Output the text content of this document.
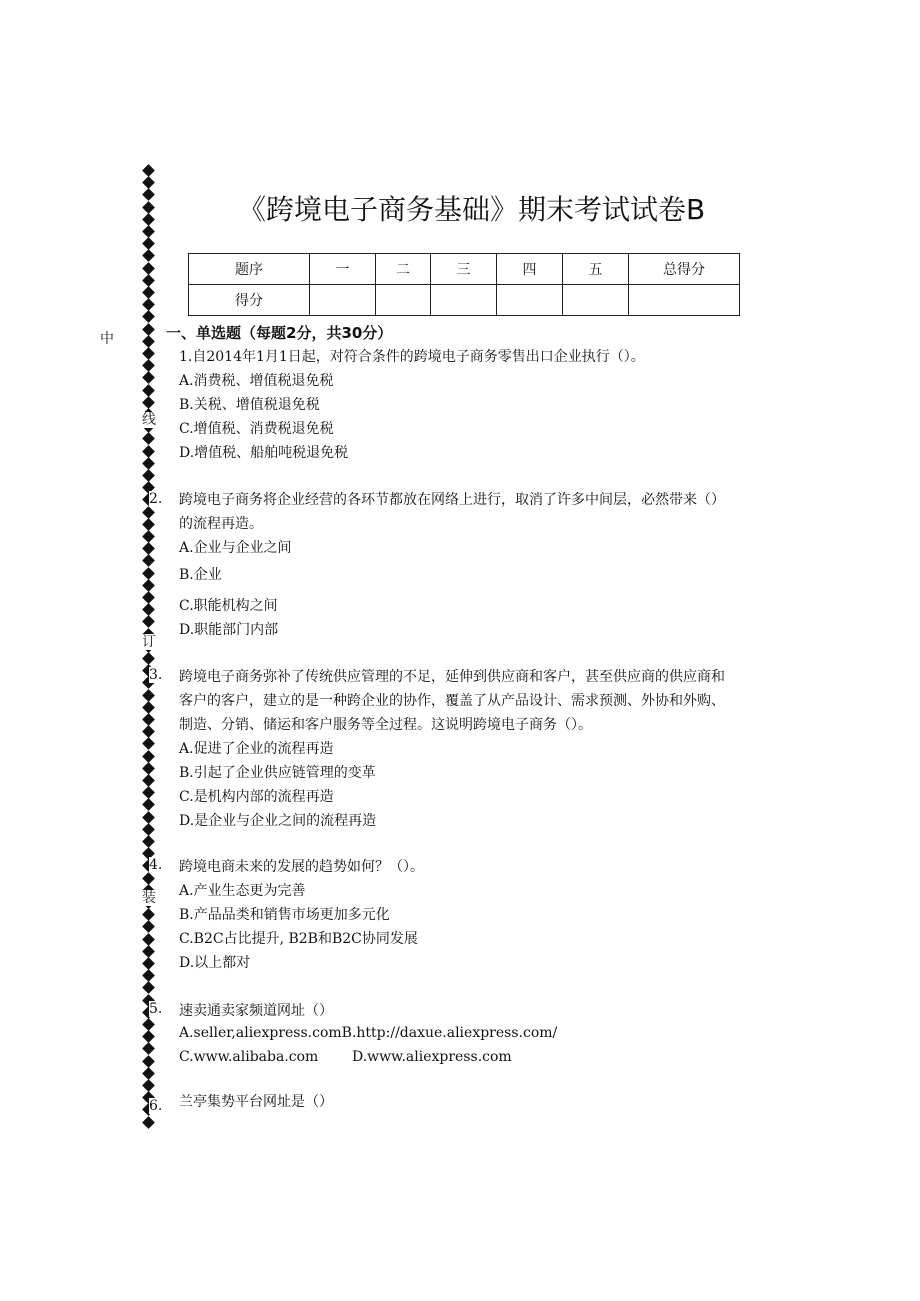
线
订
装
中
《跨境电子商务基础》期末考试试卷B
题序	一	二	三	四	五	总得分
得分						
一、单选题（每题2分，共30分）
1.自2014年1月1日起，对符合条件的跨境电子商务零售出口企业执行（）。
A.消费税、增值税退免税
B.关税、增值税退免税
C.增值税、消费税退免税
D.增值税、船舶吨税退免税
2. 跨境电子商务将企业经营的各环节都放在网络上进行，取消了许多中间层，必然带来（）
的流程再造。
A.企业与企业之间
B.企业
C.职能机构之间
D.职能部门内部
3. 跨境电子商务弥补了传统供应管理的不足，延伸到供应商和客户，甚至供应商的供应商和
客户的客户，建立的是一种跨企业的协作，覆盖了从产品设计、需求预测、外协和外购、
制造、分销、储运和客户服务等全过程。这说明跨境电子商务（）。
A.促进了企业的流程再造
B.引起了企业供应链管理的变革
C.是机构内部的流程再造
D.是企业与企业之间的流程再造
4. 跨境电商未来的发展的趋势如何？（）。
A.产业生态更为完善
B.产品品类和销售市场更加多元化
C.B2C占比提升, B2B和B2C协同发展
D.以上都对
5. 速卖通卖家频道网址（）
A.seller,aliexpress.comB.http://daxue.aliexpress.com/
C.www.alibaba.com D.www.aliexpress.com
6. 兰亭集势平台网址是（）
